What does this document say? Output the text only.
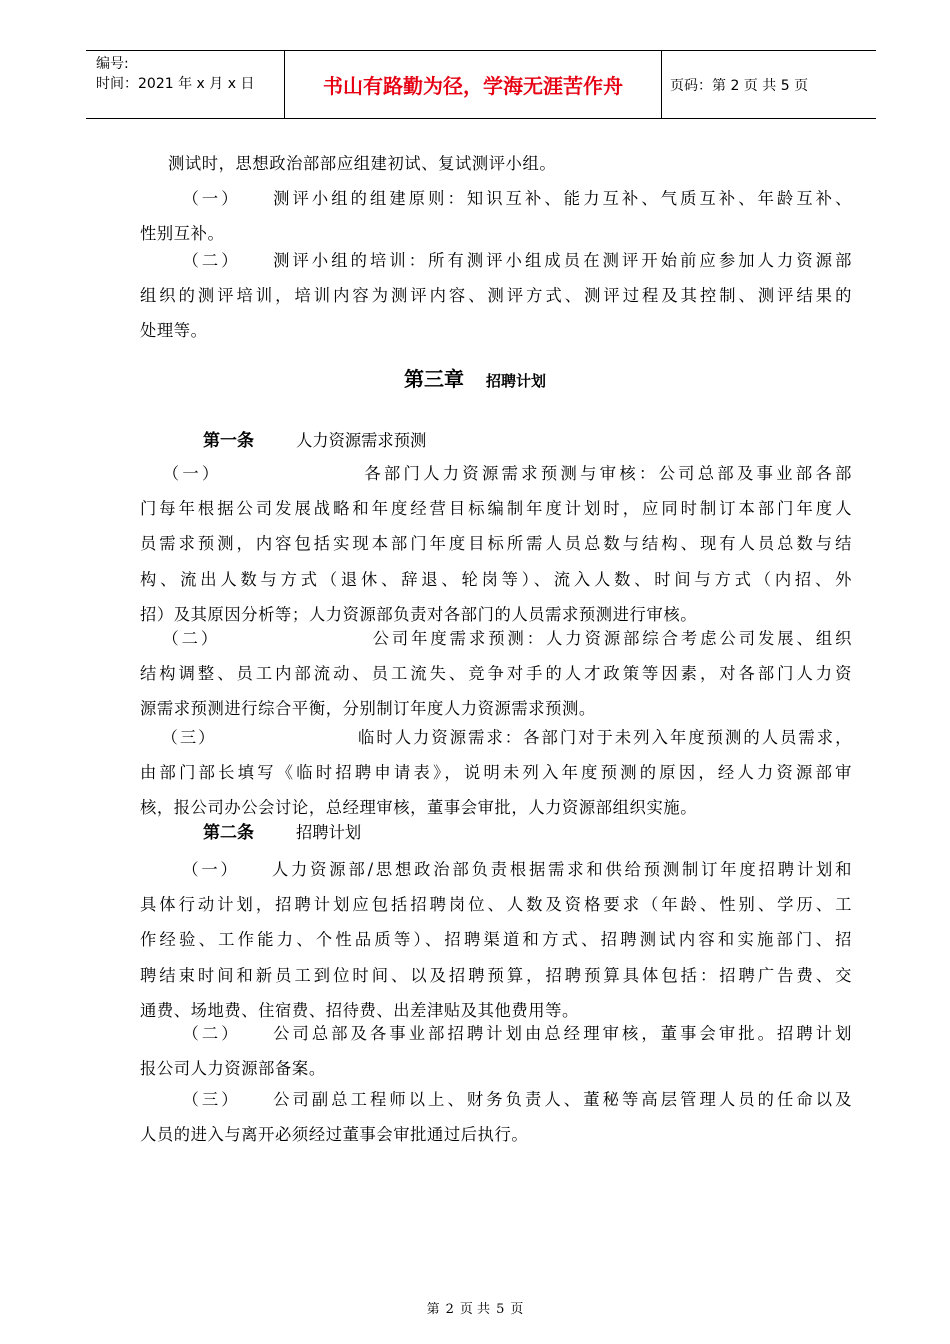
编号:
时间：2021 年 x 月 x 日	书山有路勤为径，学海无涯苦作舟	页码：第 2 页 共 5 页
测试时，思想政治部部应组建初试、复试测评小组。
（一） 测评小组的组建原则：知识互补、能力互补、气质互补、年龄互补、
性别互补。
（二） 测评小组的培训：所有测评小组成员在测评开始前应参加人力资源部
组织的测评培训，培训内容为测评内容、测评方式、测评过程及其控制、测评结果的
处理等。
第三章 招聘计划
第一条	人力资源需求预测
（一）	各部门人力资源需求预测与审核：公司总部及事业部各部
门每年根据公司发展战略和年度经营目标编制年度计划时，应同时制订本部门年度人
员需求预测，内容包括实现本部门年度目标所需人员总数与结构、现有人员总数与结
构、流出人数与方式（退休、辞退、轮岗等）、流入人数、时间与方式（内招、外
招）及其原因分析等；人力资源部负责对各部门的人员需求预测进行审核。
（二）	公司年度需求预测：人力资源部综合考虑公司发展、组织
结构调整、员工内部流动、员工流失、竞争对手的人才政策等因素，对各部门人力资
源需求预测进行综合平衡，分别制订年度人力资源需求预测。
（三）	临时人力资源需求：各部门对于未列入年度预测的人员需求，
由部门部长填写《临时招聘申请表》，说明未列入年度预测的原因，经人力资源部审
核，报公司办公会讨论，总经理审核，董事会审批，人力资源部组织实施。
第二条	招聘计划
（一） 人力资源部/思想政治部负责根据需求和供给预测制订年度招聘计划和
具体行动计划，招聘计划应包括招聘岗位、人数及资格要求（年龄、性别、学历、工
作经验、工作能力、个性品质等）、招聘渠道和方式、招聘测试内容和实施部门、招
聘结束时间和新员工到位时间、以及招聘预算，招聘预算具体包括：招聘广告费、交
通费、场地费、住宿费、招待费、出差津贴及其他费用等。
（二） 公司总部及各事业部招聘计划由总经理审核，董事会审批。招聘计划
报公司人力资源部备案。
（三） 公司副总工程师以上、财务负责人、董秘等高层管理人员的任命以及
人员的进入与离开必须经过董事会审批通过后执行。
第 2 页 共 5 页
